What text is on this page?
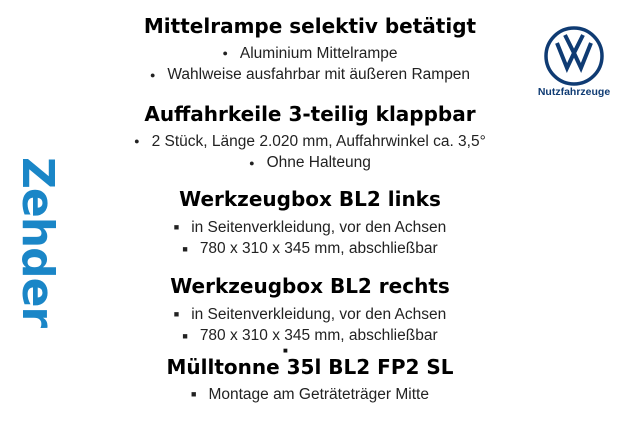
Zehder
Nutzfahrzeuge
Mittelrampe selektiv betätigt
● Aluminium Mittelrampe
● Wahlweise ausfahrbar mit äußeren Rampen
Auffahrkeile 3-teilig klappbar
● 2 Stück, Länge 2.020 mm, Auffahrwinkel ca. 3,5°
● Ohne Halteung
Werkzeugbox BL2 links
■ in Seitenverkleidung, vor den Achsen
■ 780 x 310 x 345 mm, abschließbar
Werkzeugbox BL2 rechts
■ in Seitenverkleidung, vor den Achsen
■ 780 x 310 x 345 mm, abschließbar
■
Mülltonne 35l BL2 FP2 SL
■ Montage am Geträteträger Mitte
